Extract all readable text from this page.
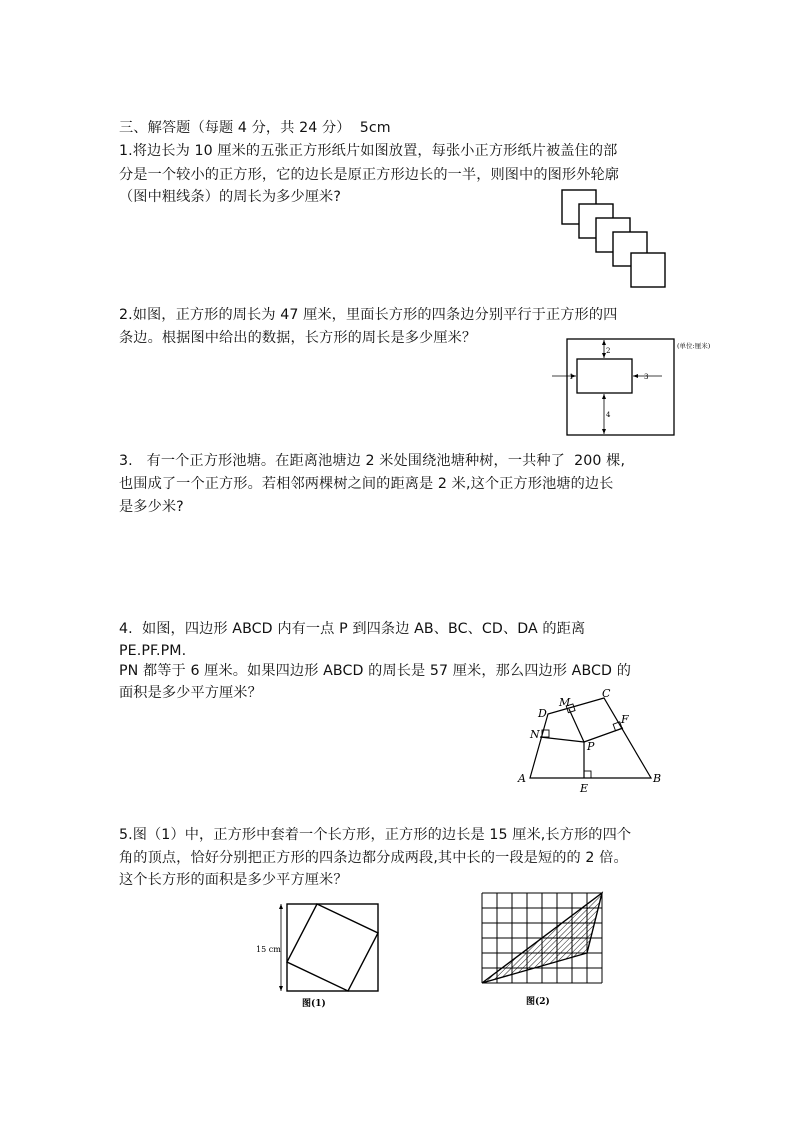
三、解答题（每题 4 分，共 24 分）  5cm
1.将边长为 10 厘米的五张正方形纸片如图放置，每张小正方形纸片被盖住的部
分是一个较小的正方形，它的边长是原正方形边长的一半，则图中的图形外轮廓
（图中粗线条）的周长为多少厘米?
2.如图，正方形的周长为 47 厘米，里面长方形的四条边分别平行于正方形的四
条边。根据图中给出的数据，长方形的周长是多少厘米？
2
1	3
4
(单位:厘米)
3.   有一个正方形池塘。在距离池塘边 2 米处围绕池塘种树，一共种了  200 棵,
也围成了一个正方形。若相邻两棵树之间的距离是 2 米,这个正方形池塘的边长
是多少米?
4.  如图，四边形 ABCD 内有一点 P 到四条边 AB、BC、CD、DA 的距离
PE.PF.PM.
PN 都等于 6 厘米。如果四边形 ABCD 的周长是 57 厘米，那么四边形 ABCD 的
面积是多少平方厘米？
A	B
C
D
M
N
F
P
E
5.图（1）中，正方形中套着一个长方形，正方形的边长是 15 厘米,长方形的四个
角的顶点，恰好分别把正方形的四条边都分成两段,其中长的一段是短的的 2 倍。
这个长方形的面积是多少平方厘米？
15 cm
图(1)	图(2)
